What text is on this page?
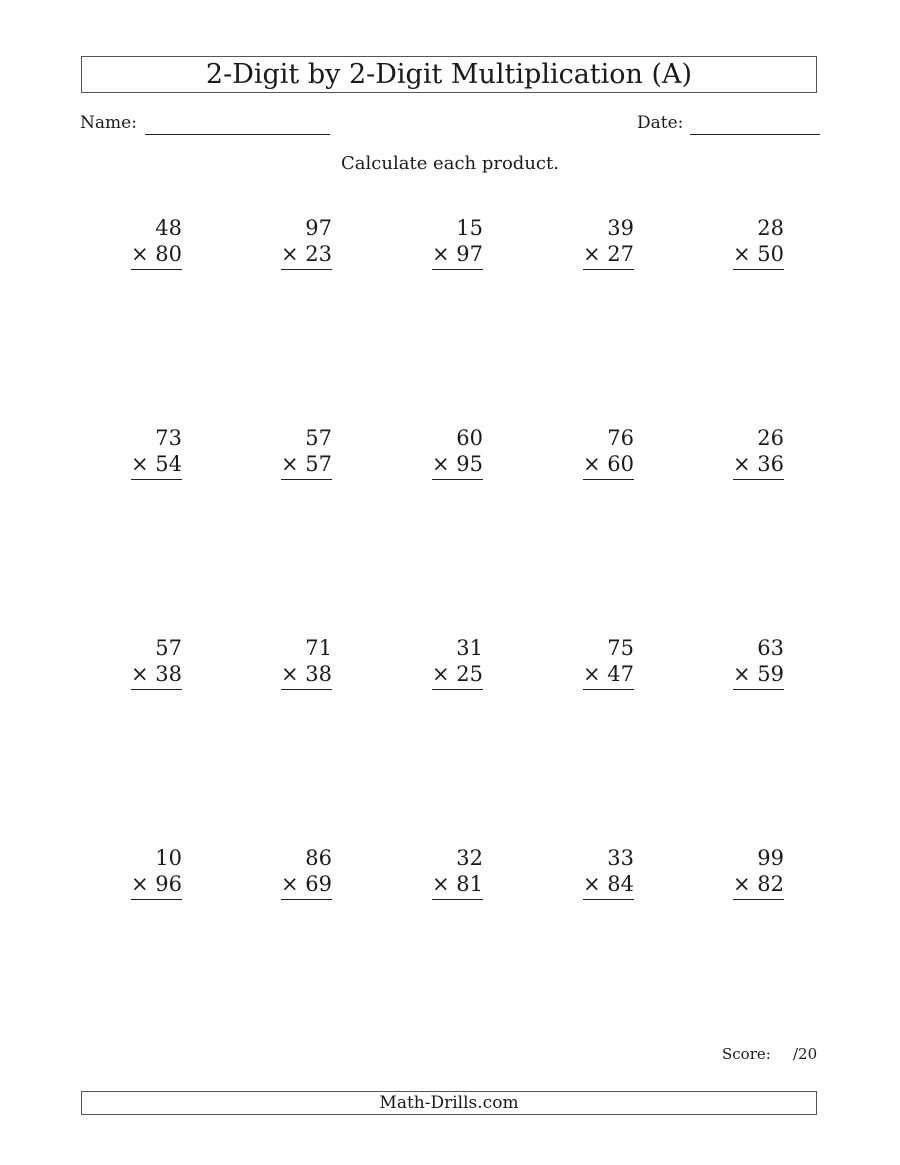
2-Digit by 2-Digit Multiplication (A)
Name:	Date:
Calculate each product.
48
× 80
97
× 23
15
× 97
39
× 27
28
× 50
73
× 54
57
× 57
60
× 95
76
× 60
26
× 36
57
× 38
71
× 38
31
× 25
75
× 47
63
× 59
10
× 96
86
× 69
32
× 81
33
× 84
99
× 82
Score: /20
Math-Drills.com
